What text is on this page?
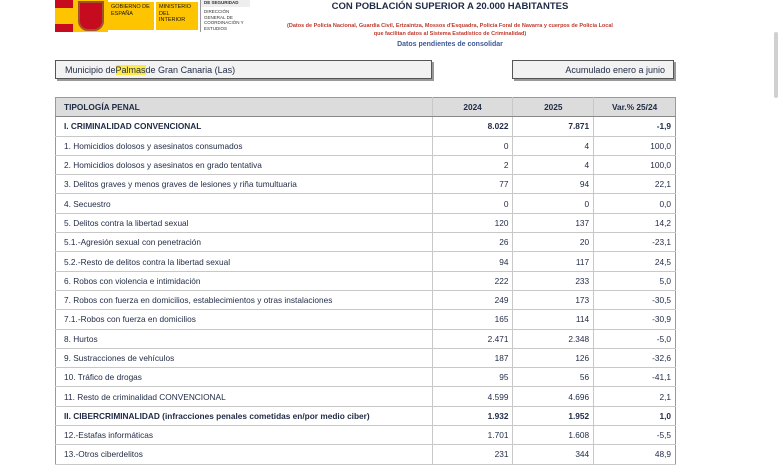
GOBIERNO DE ESPAÑA
MINISTERIO DEL INTERIOR
DE SEGURIDAD
DIRECCIÓN GENERAL DE COORDINACIÓN Y ESTUDIOS
CON POBLACIÓN SUPERIOR A 20.000 HABITANTES
(Datos de Policía Nacional, Guardia Civil, Ertzaintza, Mossos d'Esquadra, Policía Foral de Navarra y cuerpos de Policía Local
que facilitan datos al Sistema Estadístico de Criminalidad)
Datos pendientes de consolidar
Municipio de Palmas de Gran Canaria (Las)	Acumulado enero a junio
TIPOLOGÍA PENAL	2024	2025	Var.% 25/24
I. CRIMINALIDAD CONVENCIONAL	8.022	7.871	-1,9
1. Homicidios dolosos y asesinatos consumados	0	4	100,0
2. Homicidios dolosos y asesinatos en grado tentativa	2	4	100,0
3. Delitos graves y menos graves de lesiones y riña tumultuaria	77	94	22,1
4. Secuestro	0	0	0,0
5. Delitos contra la libertad sexual	120	137	14,2
5.1.-Agresión sexual con penetración	26	20	-23,1
5.2.-Resto de delitos contra la libertad sexual	94	117	24,5
6. Robos con violencia e intimidación	222	233	5,0
7. Robos con fuerza en domicilios, establecimientos y otras instalaciones	249	173	-30,5
7.1.-Robos con fuerza en domicilios	165	114	-30,9
8. Hurtos	2.471	2.348	-5,0
9. Sustracciones de vehículos	187	126	-32,6
10. Tráfico de drogas	95	56	-41,1
11. Resto de criminalidad CONVENCIONAL	4.599	4.696	2,1
II. CIBERCRIMINALIDAD (infracciones penales cometidas en/por medio ciber)	1.932	1.952	1,0
12.-Estafas informáticas	1.701	1.608	-5,5
13.-Otros ciberdelitos	231	344	48,9
